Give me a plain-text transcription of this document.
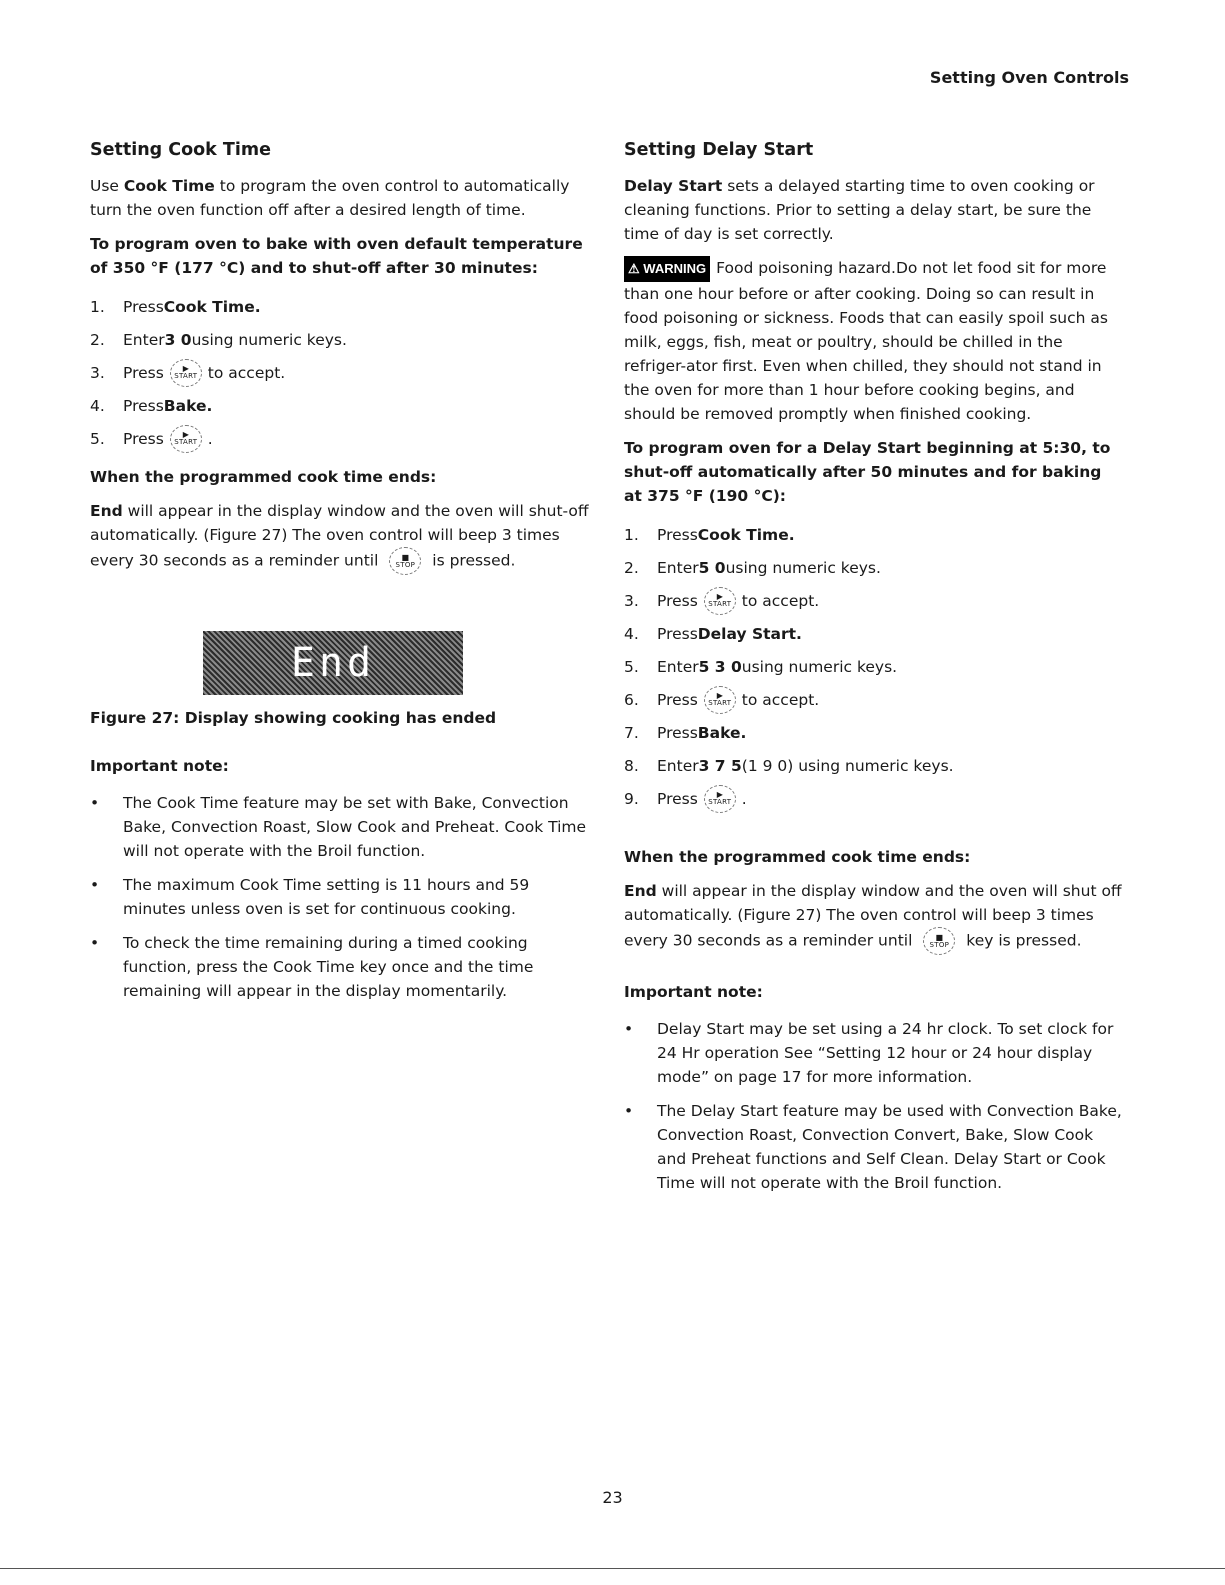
Setting Oven Controls
Setting Cook Time

Use Cook Time to program the oven control to automatically turn the oven function off after a desired length of time.

To program oven to bake with oven default temperature of 350 °F (177 °C) and to shut-off after 30 minutes:

1.	Press Cook Time.
2.	Enter 3 0 using numeric keys.
3.	Press ▶
START to accept.
4.	Press Bake.
5.	Press ▶
START .

When the programmed cook time ends:

End will appear in the display window and the oven will shut-off automatically. (Figure 27) The oven control will beep 3 times every 30 seconds as a reminder until	■
STOP is pressed.

End
Figure 27: Display showing cooking has ended
Important note:
•	The Cook Time feature may be set with Bake, Convection Bake, Convection Roast, Slow Cook and Preheat. Cook Time will not operate with the Broil function.
•	The maximum Cook Time setting is 11 hours and 59 minutes unless oven is set for continuous cooking.
•	To check the time remaining during a timed cooking function, press the Cook Time key once and the time remaining will appear in the display momentarily.
Setting Delay Start

Delay Start sets a delayed starting time to oven cooking or cleaning functions. Prior to setting a delay start, be sure the time of day is set correctly.

⚠ WARNING Food poisoning hazard.Do not let food sit for more than one hour before or after cooking. Doing so can result in food poisoning or sickness. Foods that can easily spoil such as milk, eggs, fish, meat or poultry, should be chilled in the refriger-ator first. Even when chilled, they should not stand in the oven for more than 1 hour before cooking begins, and should be removed promptly when finished cooking.

To program oven for a Delay Start beginning at 5:30, to shut-off automatically after 50 minutes and for baking at 375 °F (190 °C):

1.	Press Cook Time.
2.	Enter 5 0 using numeric keys.
3.	Press ▶
START to accept.
4.	Press Delay Start.
5.	Enter 5 3 0 using numeric keys.
6.	Press ▶
START to accept.
7.	Press Bake.
8.	Enter 3 7 5 (1 9 0) using numeric keys.
9.	Press ▶
START .

When the programmed cook time ends:

End will appear in the display window and the oven will shut off automatically. (Figure 27) The oven control will beep 3 times every 30 seconds as a reminder until	■
STOP key is pressed.

Important note:
•	Delay Start may be set using a 24 hr clock. To set clock for 24 Hr operation See “Setting 12 hour or 24 hour display mode” on page 17 for more information.
•	The Delay Start feature may be used with Convection Bake, Convection Roast, Convection Convert, Bake, Slow Cook and Preheat functions and Self Clean. Delay Start or Cook Time will not operate with the Broil function.
23
